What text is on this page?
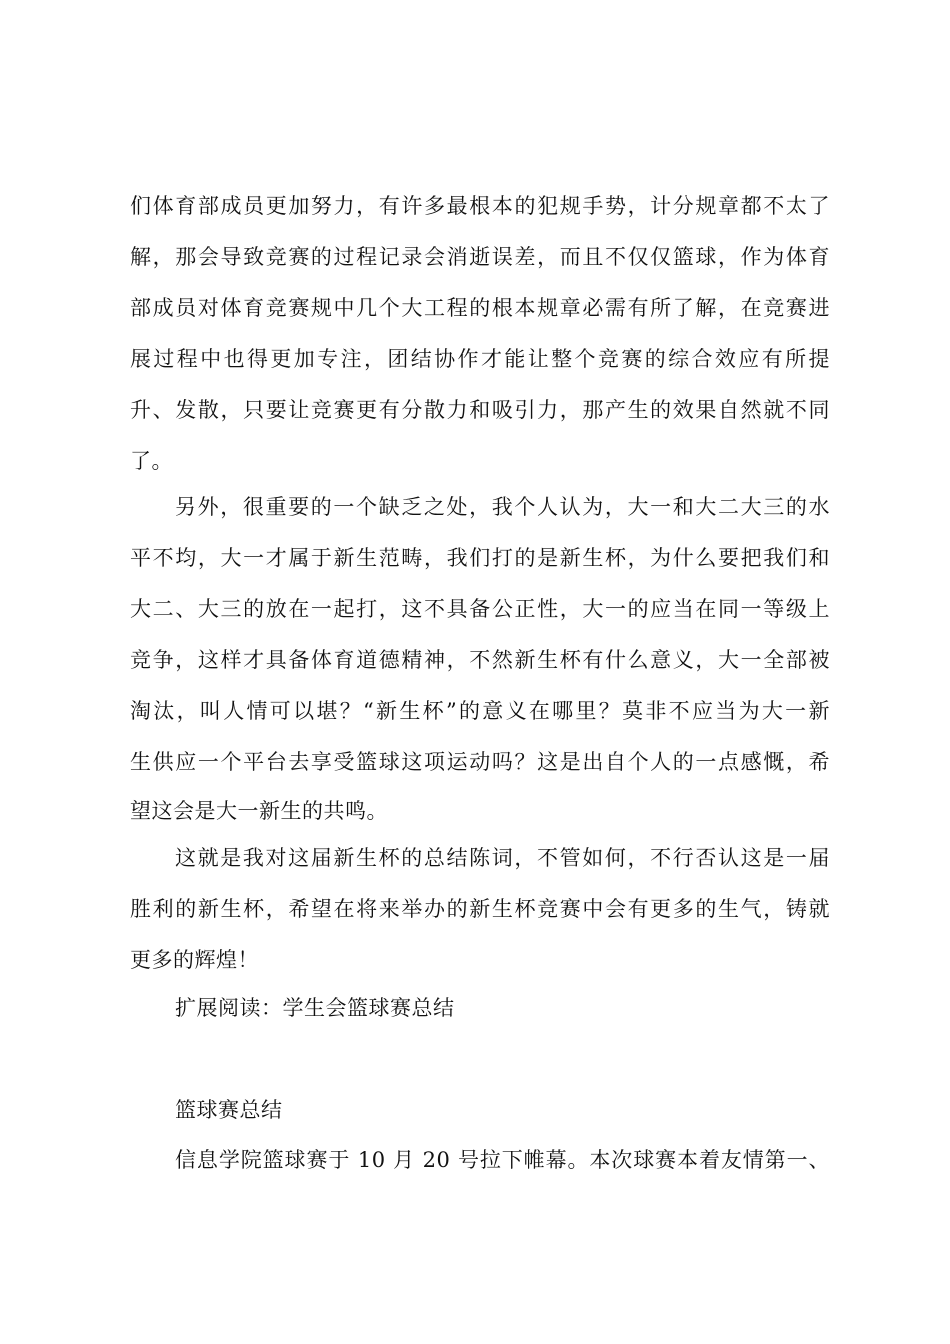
们体育部成员更加努力，有许多最根本的犯规手势，计分规章都不太了
解，那会导致竞赛的过程记录会消逝误差，而且不仅仅篮球，作为体育
部成员对体育竞赛规中几个大工程的根本规章必需有所了解，在竞赛进
展过程中也得更加专注，团结协作才能让整个竞赛的综合效应有所提
升、发散，只要让竞赛更有分散力和吸引力，那产生的效果自然就不同
了。
另外，很重要的一个缺乏之处，我个人认为，大一和大二大三的水
平不均，大一才属于新生范畴，我们打的是新生杯，为什么要把我们和
大二、大三的放在一起打，这不具备公正性，大一的应当在同一等级上
竞争，这样才具备体育道德精神，不然新生杯有什么意义，大一全部被
淘汰，叫人情可以堪？“新生杯”的意义在哪里？莫非不应当为大一新
生供应一个平台去享受篮球这项运动吗？这是出自个人的一点感慨，希
望这会是大一新生的共鸣。
这就是我对这届新生杯的总结陈词，不管如何，不行否认这是一届
胜利的新生杯，希望在将来举办的新生杯竞赛中会有更多的生气，铸就
更多的辉煌！
扩展阅读：学生会篮球赛总结
篮球赛总结
信息学院篮球赛于 10 月 20 号拉下帷幕。本次球赛本着友情第一、
